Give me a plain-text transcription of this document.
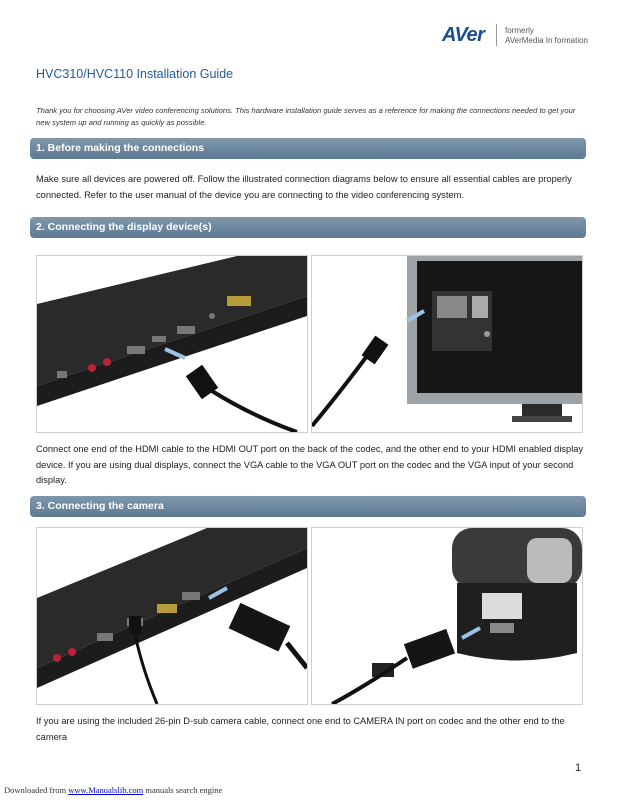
AVer	formerly
AVerMedia In formation
HVC310/HVC110 Installation Guide
Thank you for choosing AVer video conferencing solutions. This hardware installation guide serves as a reference for making the connections needed to get your new system up and running as quickly as possible.
1. Before making the connections
Make sure all devices are powered off. Follow the illustrated connection diagrams below to ensure all essential cables are properly connected. Refer to the user manual of the device you are connecting to the video conferencing system.
2. Connecting the display device(s)
Connect one end of the HDMI cable to the HDMI OUT port on the back of the codec, and the other end to your HDMI enabled display device. If you are using dual displays, connect the VGA cable to the VGA OUT port on the codec and the VGA input of your second display.
3. Connecting the camera
If you are using the included 26-pin D-sub camera cable, connect one end to CAMERA IN port on codec and the other end to the camera
1
Downloaded from www.Manualslib.com manuals search engine
